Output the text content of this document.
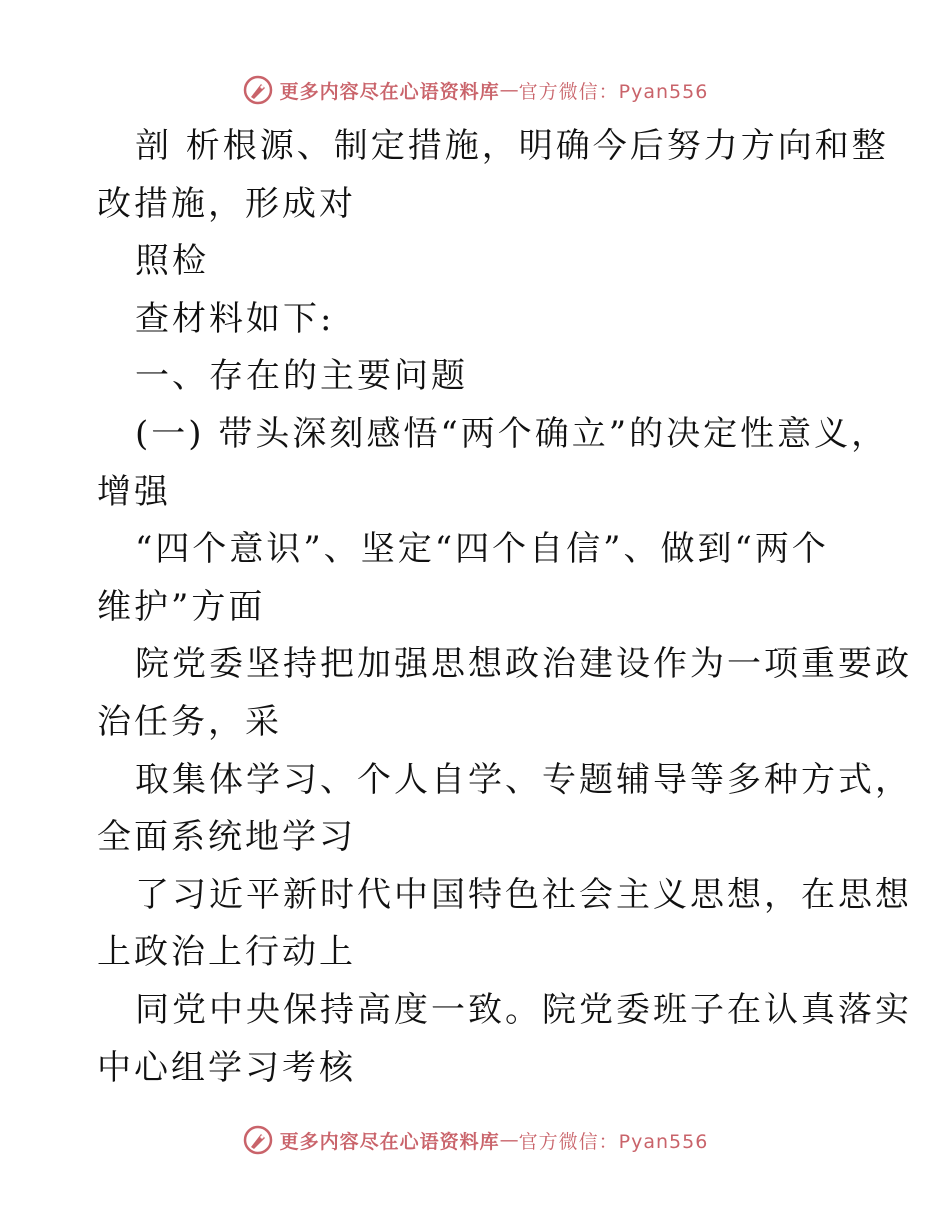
更多内容尽在心语资料库 — 官方微信：Pyan556
剖 析根源、制定措施，明确今后努力方向和整
改措施，形成对
照检
查材料如下:
一、存在的主要问题
(一) 带头深刻感悟“两个确立”的决定性意义，
增强
“四个意识”、坚定“四个自信”、做到“两个
维护”方面
院党委坚持把加强思想政治建设作为一项重要政
治任务，采
取集体学习、个人自学、专题辅导等多种方式，
全面系统地学习
了习近平新时代中国特色社会主义思想，在思想
上政治上行动上
同党中央保持高度一致。院党委班子在认真落实
中心组学习考核
更多内容尽在心语资料库 — 官方微信：Pyan556
